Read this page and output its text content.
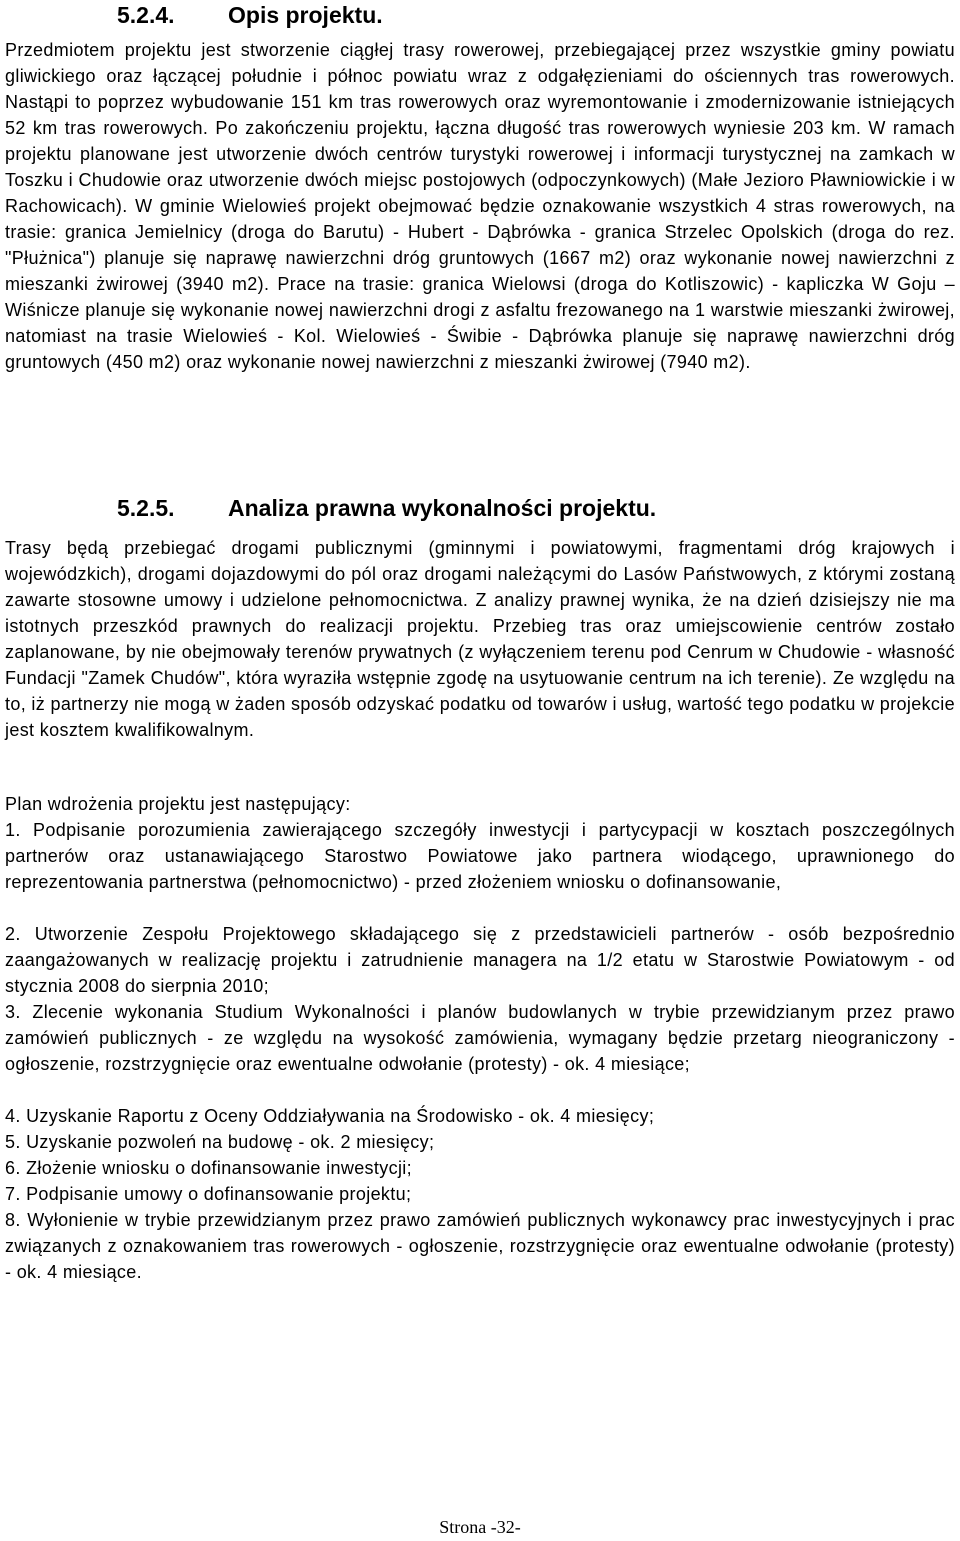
5.2.4. Opis projektu.

Przedmiotem projektu jest stworzenie ciągłej trasy rowerowej, przebiegającej przez wszystkie gminy powiatu gliwickiego oraz łączącej południe i północ powiatu wraz z odgałęzieniami do ościennych tras rowerowych. Nastąpi to poprzez wybudowanie 151 km tras rowerowych oraz wyremontowanie i zmodernizowanie istniejących 52 km tras rowerowych. Po zakończeniu projektu, łączna długość tras rowerowych wyniesie 203 km. W ramach projektu planowane jest utworzenie dwóch centrów turystyki rowerowej i informacji turystycznej na zamkach w Toszku i Chudowie oraz utworzenie dwóch miejsc postojowych (odpoczynkowych) (Małe Jezioro Pławniowickie i w Rachowicach). W gminie Wielowieś projekt obejmować będzie oznakowanie wszystkich 4 stras rowerowych, na trasie: granica Jemielnicy (droga do Barutu) - Hubert - Dąbrówka - granica Strzelec Opolskich (droga do rez. "Płużnica") planuje się naprawę nawierzchni dróg gruntowych (1667 m2) oraz wykonanie nowej nawierzchni z mieszanki żwirowej (3940 m2). Prace na trasie: granica Wielowsi (droga do Kotliszowic) - kapliczka W Goju – Wiśnicze planuje się wykonanie nowej nawierzchni drogi z asfaltu frezowanego na 1 warstwie mieszanki żwirowej, natomiast na trasie Wielowieś - Kol. Wielowieś - Świbie - Dąbrówka planuje się naprawę nawierzchni dróg gruntowych (450 m2) oraz wykonanie nowej nawierzchni z mieszanki żwirowej (7940 m2).

5.2.5. Analiza prawna wykonalności projektu.

Trasy będą przebiegać drogami publicznymi (gminnymi i powiatowymi, fragmentami dróg krajowych i wojewódzkich), drogami dojazdowymi do pól oraz drogami należącymi do Lasów Państwowych, z którymi zostaną zawarte stosowne umowy i udzielone pełnomocnictwa. Z analizy prawnej wynika, że na dzień dzisiejszy nie ma istotnych przeszkód prawnych do realizacji projektu. Przebieg tras oraz umiejscowienie centrów zostało zaplanowane, by nie obejmowały terenów prywatnych (z wyłączeniem terenu pod Cenrum w Chudowie - własność Fundacji "Zamek Chudów", która wyraziła wstępnie zgodę na usytuowanie centrum na ich terenie). Ze względu na to, iż partnerzy nie mogą w żaden sposób odzyskać podatku od towarów i usług, wartość tego podatku w projekcie jest kosztem kwalifikowalnym.

Plan wdrożenia projektu jest następujący:

1. Podpisanie porozumienia zawierającego szczegóły inwestycji i partycypacji w kosztach poszczególnych partnerów oraz ustanawiającego Starostwo Powiatowe jako partnera wiodącego, uprawnionego do reprezentowania partnerstwa (pełnomocnictwo) - przed złożeniem wniosku o dofinansowanie,

2. Utworzenie Zespołu Projektowego składającego się z przedstawicieli partnerów - osób bezpośrednio zaangażowanych w realizację projektu i zatrudnienie managera na 1/2 etatu w Starostwie Powiatowym - od stycznia 2008 do sierpnia 2010;

3. Zlecenie wykonania Studium Wykonalności i planów budowlanych w trybie przewidzianym przez prawo zamówień publicznych - ze względu na wysokość zamówienia, wymagany będzie przetarg nieograniczony - ogłoszenie, rozstrzygnięcie oraz ewentualne odwołanie (protesty) - ok. 4 miesiące;

4. Uzyskanie Raportu z Oceny Oddziaływania na Środowisko - ok. 4 miesięcy;

5. Uzyskanie pozwoleń na budowę - ok. 2 miesięcy;

6. Złożenie wniosku o dofinansowanie inwestycji;

7. Podpisanie umowy o dofinansowanie projektu;

8. Wyłonienie w trybie przewidzianym przez prawo zamówień publicznych wykonawcy prac inwestycyjnych i prac związanych z oznakowaniem tras rowerowych - ogłoszenie, rozstrzygnięcie oraz ewentualne odwołanie (protesty) - ok. 4 miesiące.

Strona -32-
